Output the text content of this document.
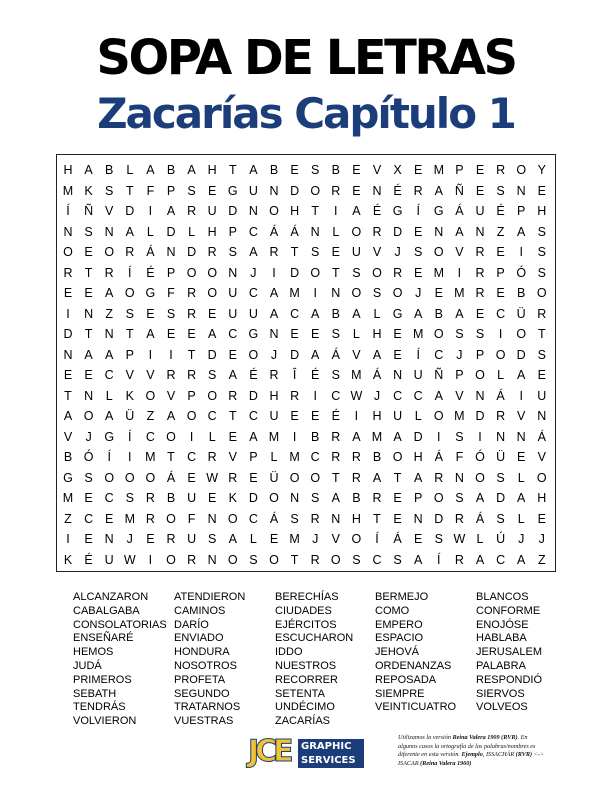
SOPA DE LETRAS
Zacarías Capítulo 1
H A B	L	A B A H T	A B E S B E V X E M P E R O Y
M K S	T	F	P S E G U N D O R E N É R A Ñ E S N E
Í	Ñ V D	I	A R U D N O H T	I	A É G	Í	G Á U É P H
N S N A	L	D	L	H P C Á Á N	L O R D E N A N Z	A S
O E O R Á N D R S A R T	S E U V	J	S O V R E	I	S
R T R	Í	É P O O N	J	I	D O T	S O R E M	I	R P Ó S
E E A O G F R O U C A M	I	N O S O	J	E M R E B O
I	N Z	S E S R E U U A C A B A	L G A B A E C Ü R
D T N T	A E E A C G N E E S	L	H E M O S S	I	O T
N A A P	I	I	T D E O	J	D A Á V A E	Í	C	J	P O D S
E E C V V R R S A É R	Î	É S M Á N U Ñ P O L	A E
T N	L	K O V P O R D H R	I	C W J	C C A V N Á	I	U
A O A Ü Z	A O C T C U E E É	I	H U	L O M D R V N
V	J	G	Í	C O	I	L	E A M	I	B R A M A D	I	S	I	N N Á
B Ó	Í	I	M T C R V P	L M C R R B O H Á	F Ó Ü E V
G S O O O Á E W R E Ü O O T R A	T	A R N O S	L O
M E C S R B U E K D O N S A B R E P O S A D A H
Z C E M R O F N O C Á S R N H T	E N D R Á S	L	E
I	E N	J	E R U S A	L	E M J	V O	Í	Á E S W L	Ú	J	J
K É U W	I	O R N O S O T R O S C S A	Í	R A C A	Z
ALCANZARON
CABALGABA
CONSOLATORIAS
ENSEÑARÉ
HEMOS
JUDÁ
PRIMEROS
SEBATH
TENDRÁS
VOLVIERON
ATENDIERON
CAMINOS
DARÍO
ENVIADO
HONDURA
NOSOTROS
PROFETA
SEGUNDO
TRATARNOS
VUESTRAS
BERECHÍAS
CIUDADES
EJÉRCITOS
ESCUCHARON
IDDO
NUESTROS
RECORRER
SETENTA
UNDÉCIMO
ZACARÍAS
BERMEJO
COMO
EMPERO
ESPACIO
JEHOVÁ
ORDENANZAS
REPOSADA
SIEMPRE
VEINTICUATRO
BLANCOS
CONFORME
ENOJÓSE
HABLABA
JERUSALEM
PALABRA
RESPONDIÓ
SIERVOS
VOLVEOS
JCE	GRAPHIC
SERVICES
Utilizamos la versión Reina Valera 1909 (RVR). En algunos casos la ortografía de las palabras/nombres es diferente en esta versión. Ejemplo, ISSACHÁR (RVR) <-> ISACAR (Reina Valera 1960)
